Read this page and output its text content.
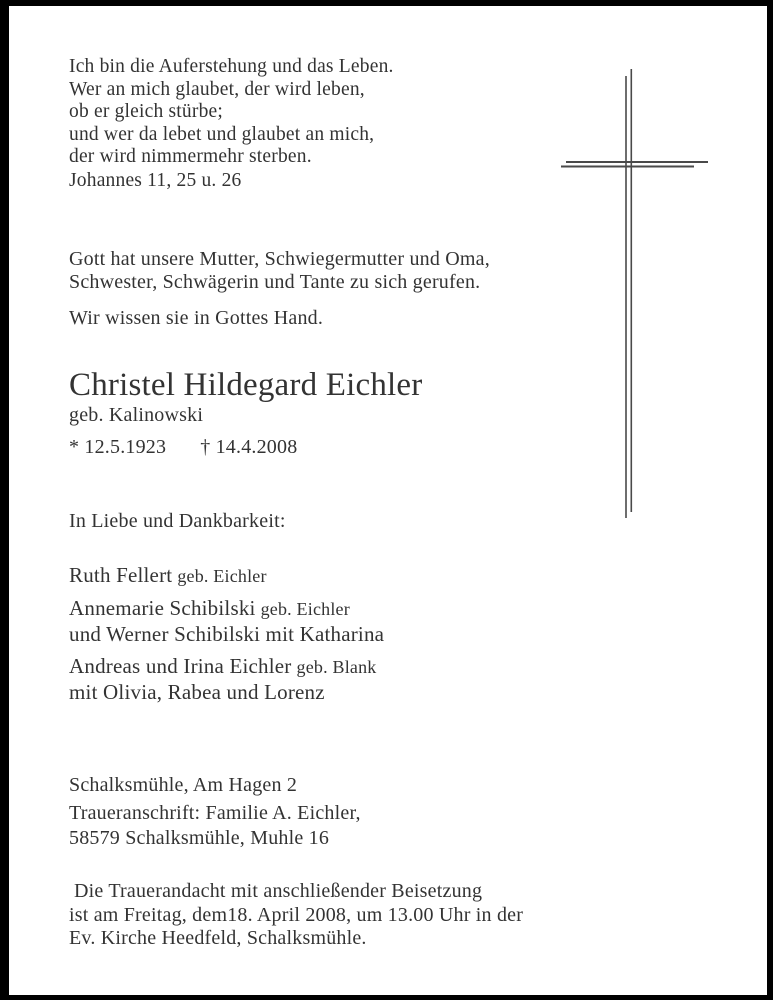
Ich bin die Auferstehung und das Leben.
Wer an mich glaubet, der wird leben,
ob er gleich stürbe;
und wer da lebet und glaubet an mich,
der wird nimmermehr sterben.
Johannes 11, 25 u. 26
Gott hat unsere Mutter, Schwiegermutter und Oma,
Schwester, Schwägerin und Tante zu sich gerufen.
Wir wissen sie in Gottes Hand.
Christel Hildegard Eichler
geb. Kalinowski
* 12.5.1923 † 14.4.2008
In Liebe und Dankbarkeit:
Ruth Fellert geb. Eichler
Annemarie Schibilski geb. Eichler
und Werner Schibilski mit Katharina
Andreas und Irina Eichler geb. Blank
mit Olivia, Rabea und Lorenz
Schalksmühle, Am Hagen 2
Traueranschrift: Familie A. Eichler,
58579 Schalksmühle, Muhle 16
Die Trauerandacht mit anschließender Beisetzung
ist am Freitag, dem18. April 2008, um 13.00 Uhr in der
Ev. Kirche Heedfeld, Schalksmühle.
